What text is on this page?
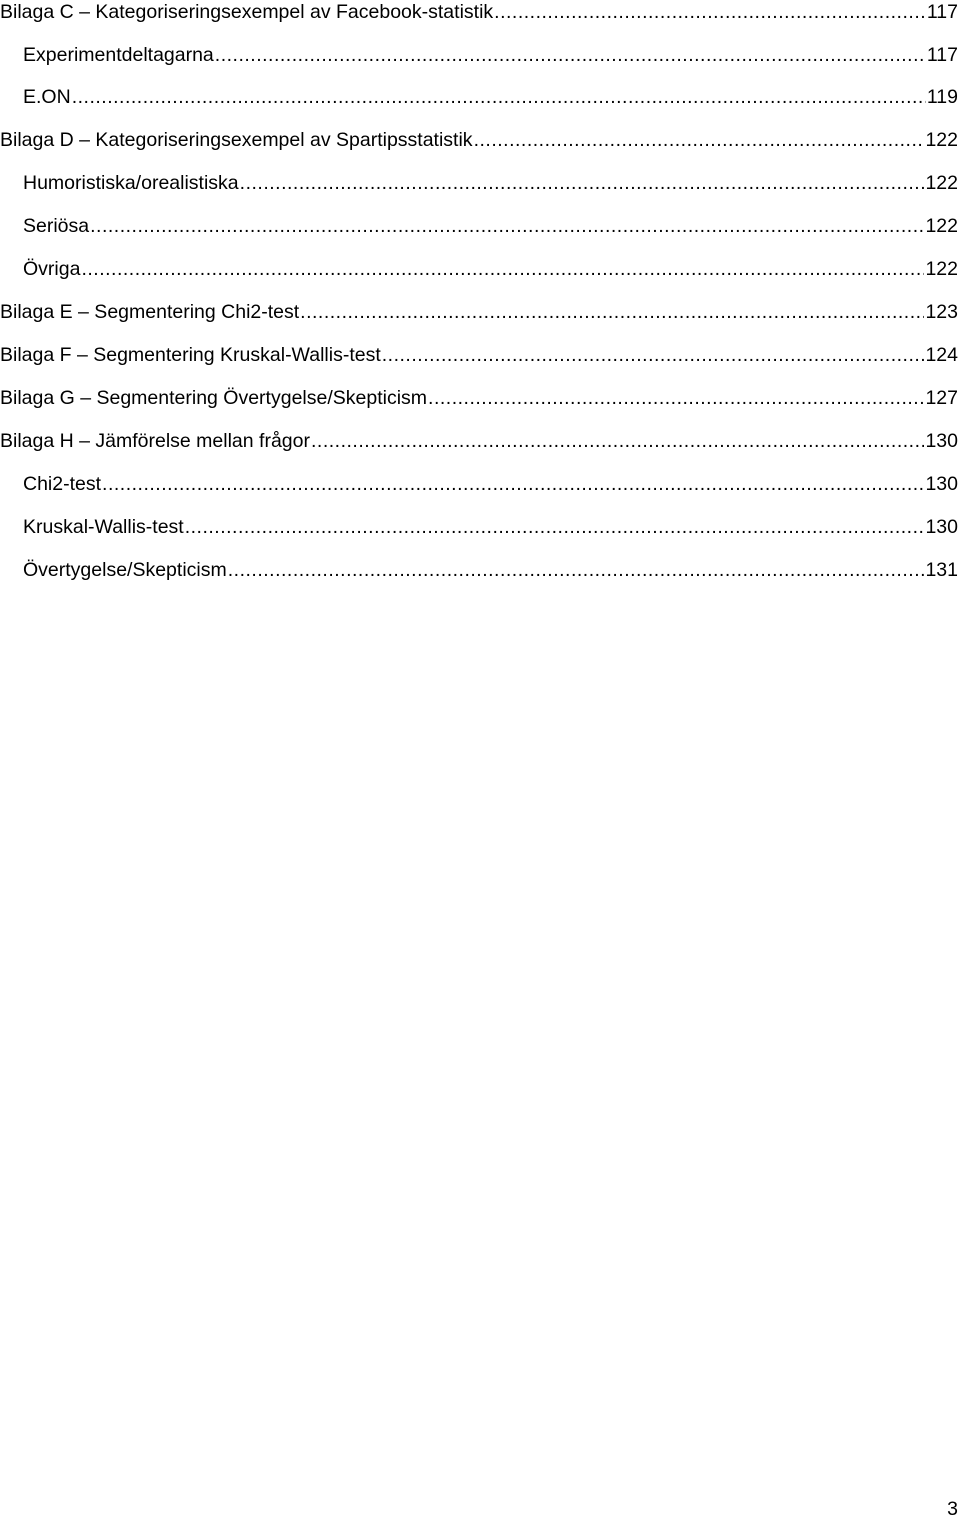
Bilaga C – Kategoriseringsexempel av Facebook-statistik .....	117
Experimentdeltagarna .....	117
E.ON .....	119
Bilaga D – Kategoriseringsexempel av Spartipsstatistik .....	122
Humoristiska/orealistiska .....	122
Seriösa .....	122
Övriga .....	122
Bilaga E – Segmentering Chi2-test .....	123
Bilaga F – Segmentering Kruskal-Wallis-test .....	124
Bilaga G – Segmentering Övertygelse/Skepticism .....	127
Bilaga H – Jämförelse mellan frågor .....	130
Chi2-test .....	130
Kruskal-Wallis-test .....	130
Övertygelse/Skepticism .....	131
3
